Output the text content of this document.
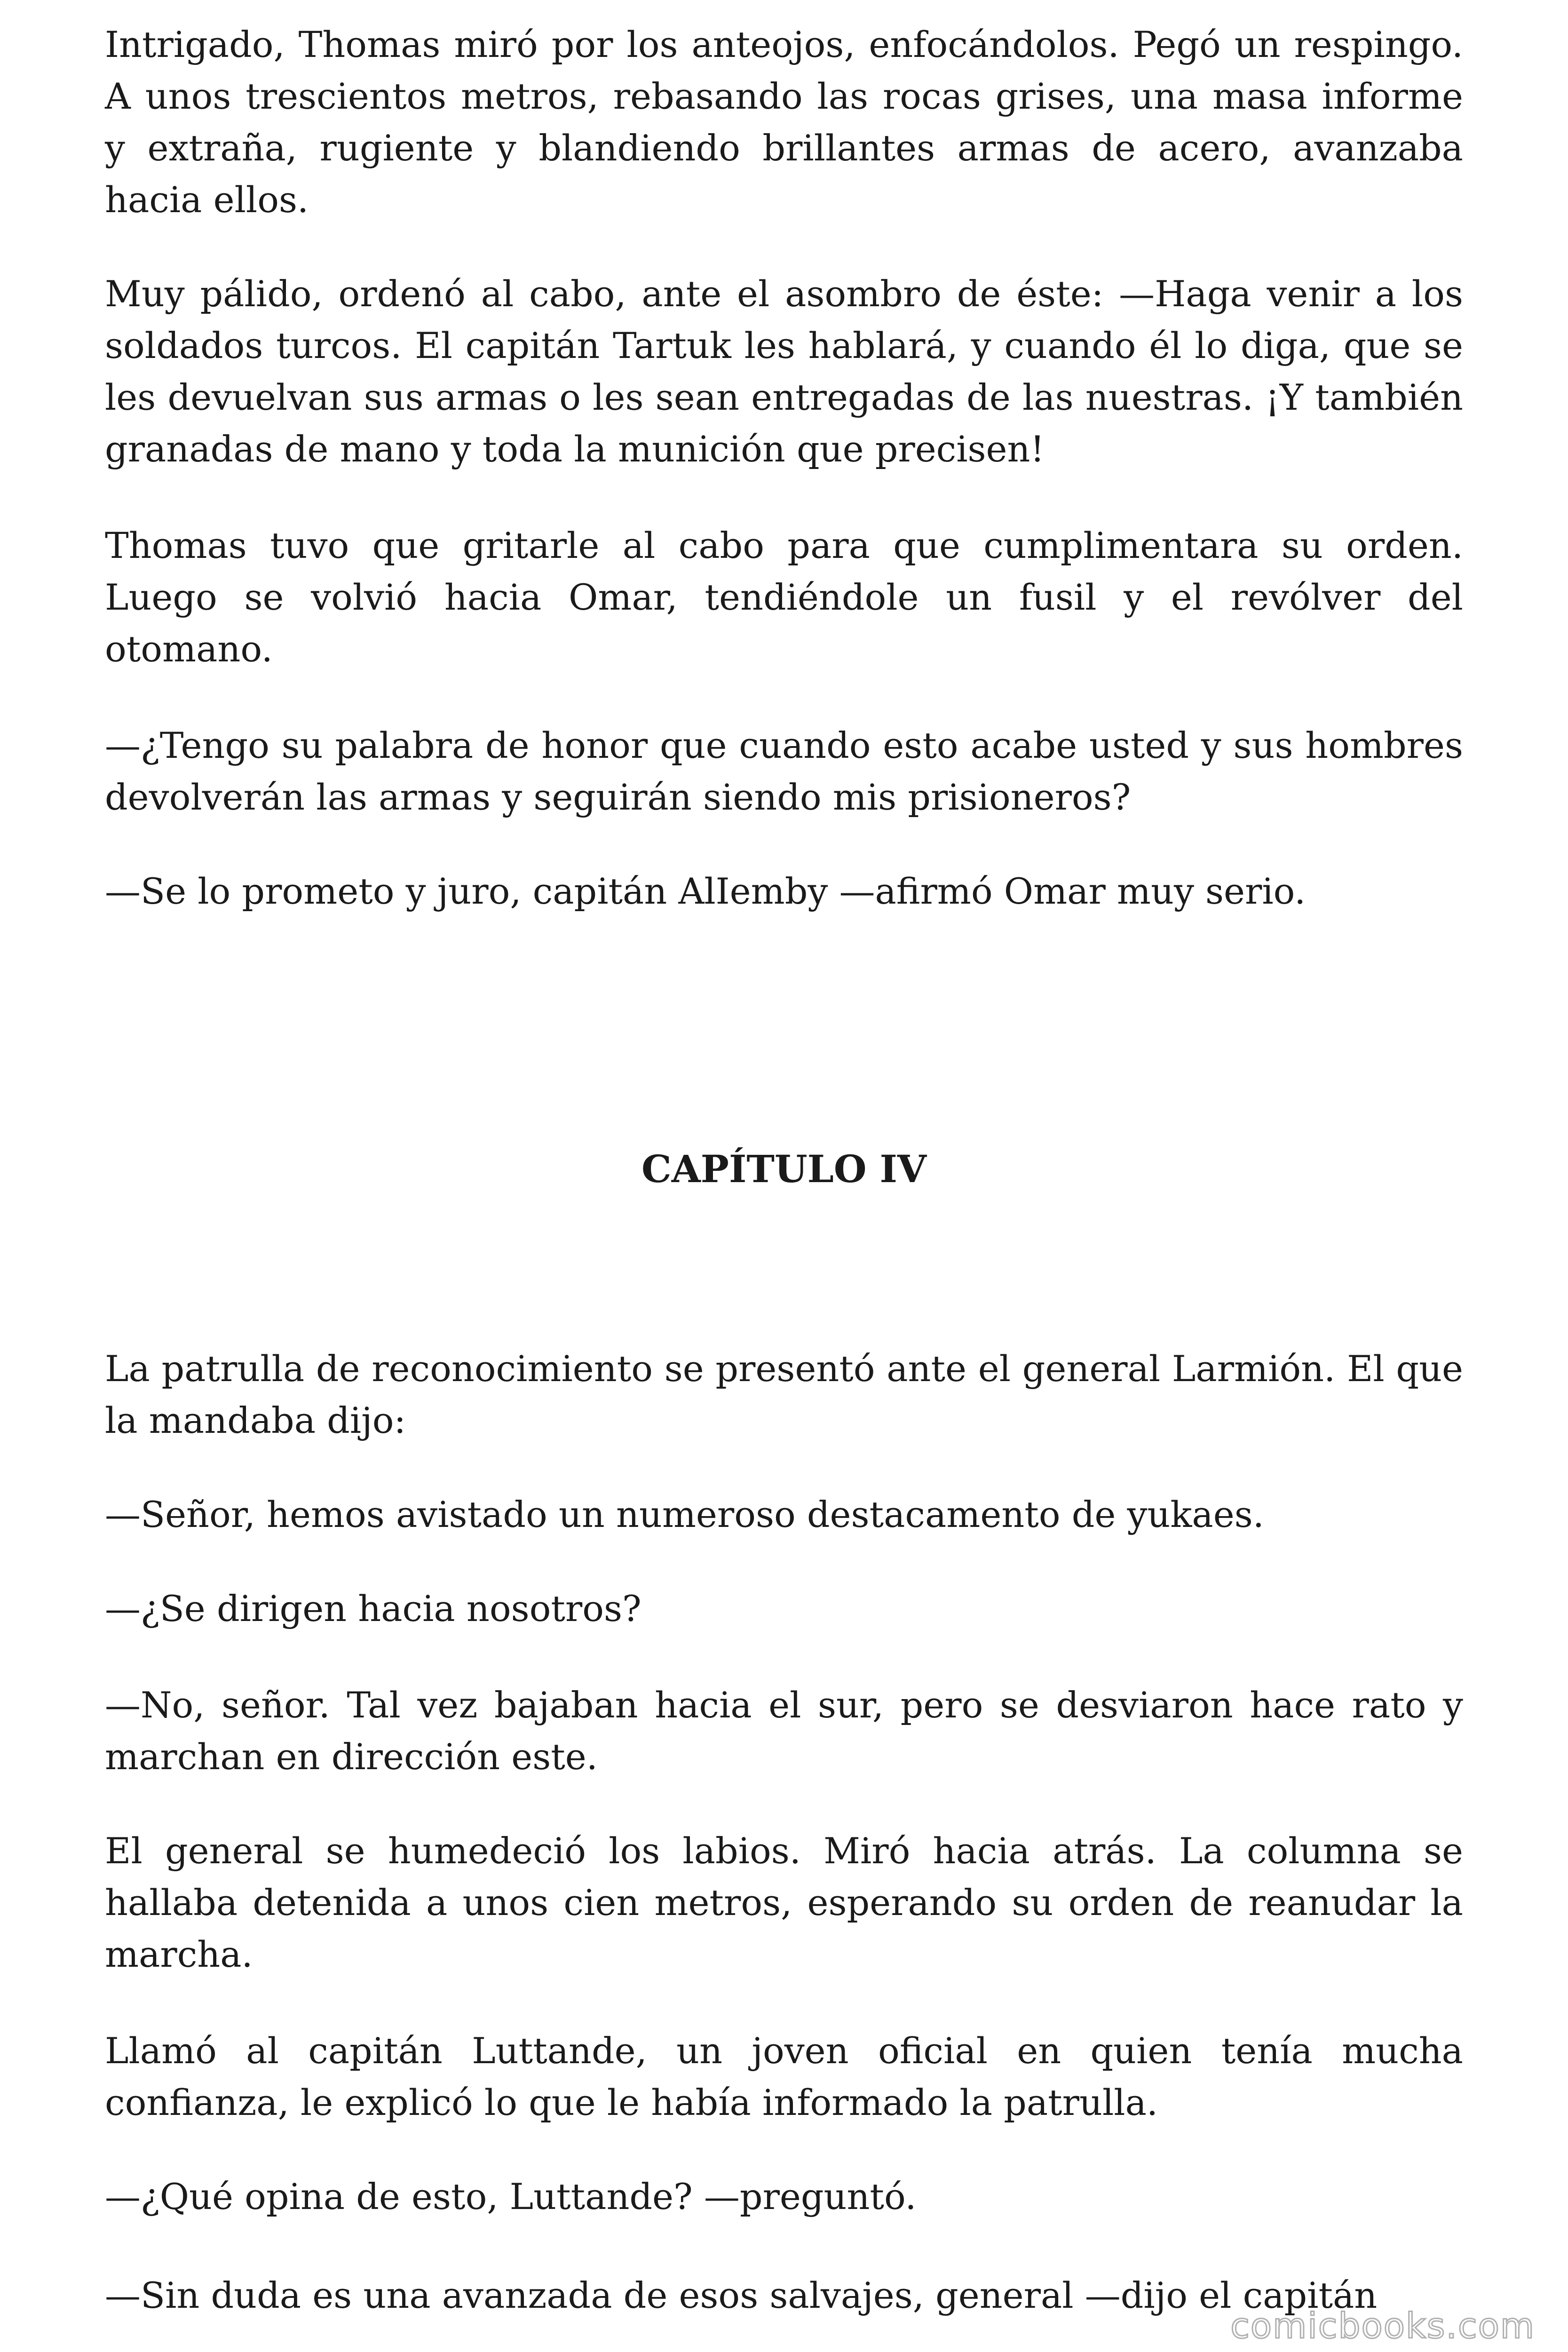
Intrigado, Thomas miró por los anteojos, enfocándolos. Pegó un respingo. A unos trescientos metros, rebasando las rocas grises, una masa informe y extraña, rugiente y blandiendo brillantes armas de acero, avanzaba hacia ellos.

Muy pálido, ordenó al cabo, ante el asombro de éste: —Haga venir a los soldados turcos. El capitán Tartuk les hablará, y cuando él lo diga, que se les devuelvan sus armas o les sean entregadas de las nuestras. ¡Y también granadas de mano y toda la munición que precisen!

Thomas tuvo que gritarle al cabo para que cumplimentara su orden. Luego se volvió hacia Omar, tendiéndole un fusil y el revólver del otomano.

—¿Tengo su palabra de honor que cuando esto acabe usted y sus hombres devolverán las armas y seguirán siendo mis prisioneros?

—Se lo prometo y juro, capitán AlIemby —afirmó Omar muy serio.

CAPÍTULO IV

La patrulla de reconocimiento se presentó ante el general Larmión. El que la mandaba dijo:

—Señor, hemos avistado un numeroso destacamento de yukaes.

—¿Se dirigen hacia nosotros?

—No, señor. Tal vez bajaban hacia el sur, pero se desviaron hace rato y marchan en dirección este.

El general se humedeció los labios. Miró hacia atrás. La columna se hallaba detenida a unos cien metros, esperando su orden de reanudar la marcha.

Llamó al capitán Luttande, un joven oficial en quien tenía mucha confianza, le explicó lo que le había informado la patrulla.

—¿Qué opina de esto, Luttande? —preguntó.

—Sin duda es una avanzada de esos salvajes, general —dijo el capitán

comicbooks.com
